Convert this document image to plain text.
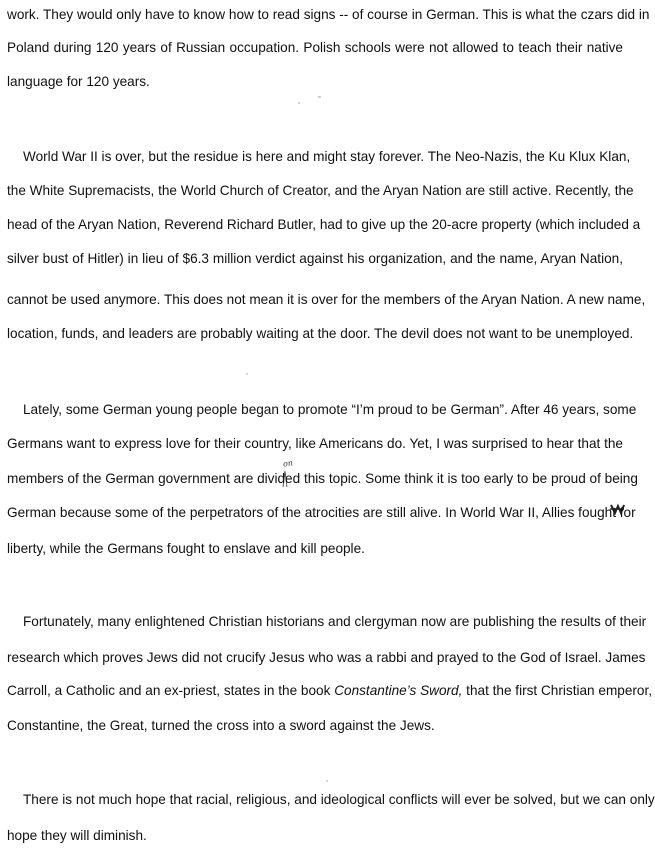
work. They would only have to know how to read signs -- of course in German. This is what the czars did in
Poland during 120 years of Russian occupation. Polish schools were not allowed to teach their native
language for 120 years.
World War II is over, but the residue is here and might stay forever. The Neo-Nazis, the Ku Klux Klan,
the White Supremacists, the World Church of Creator, and the Aryan Nation are still active. Recently, the
head of the Aryan Nation, Reverend Richard Butler, had to give up the 20-acre property (which included a
silver bust of Hitler) in lieu of $6.3 million verdict against his organization, and the name, Aryan Nation,
cannot be used anymore. This does not mean it is over for the members of the Aryan Nation. A new name,
location, funds, and leaders are probably waiting at the door. The devil does not want to be unemployed.
Lately, some German young people began to promote “I’m proud to be German”. After 46 years, some
Germans want to express love for their country, like Americans do. Yet, I was surprised to hear that the
on
members of the German government are divided this topic. Some think it is too early to be proud of being
German because some of the perpetrators of the atrocities are still alive. In World War II, Allies fought for
liberty, while the Germans fought to enslave and kill people.
Fortunately, many enlightened Christian historians and clergyman now are publishing the results of their
research which proves Jews did not crucify Jesus who was a rabbi and prayed to the God of Israel. James
Carroll, a Catholic and an ex-priest, states in the book Constantine’s Sword, that the first Christian emperor,
Constantine, the Great, turned the cross into a sword against the Jews.
There is not much hope that racial, religious, and ideological conflicts will ever be solved, but we can only
hope they will diminish.
